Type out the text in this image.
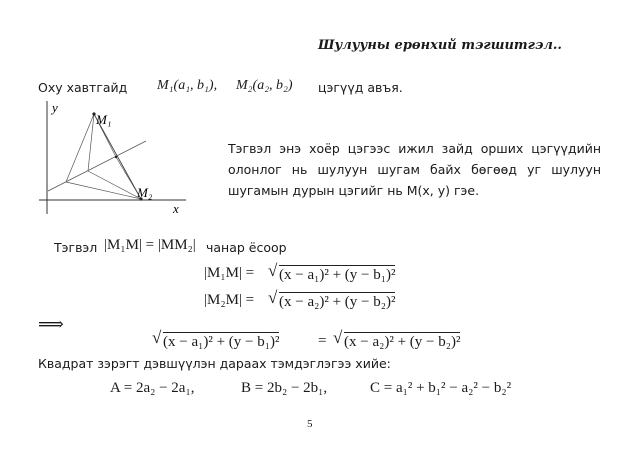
Шулууны ерөнхий тэгшитгэл..
Оху хавтгайд M₁(a₁, b₁), M₂(a₂, b₂) цэгүүд авъя.
y
x
M₁
M₂
Тэгвэл энэ хоёр цэгээс ижил зайд орших цэгүүдийн олонлог нь шулуун шугам байх бөгөөд уг шулуун шугамын дурын цэгийг нь M(x, y) гэе.
Тэгвэл |M₁M| = |MM₂| чанар ёсоор
|M₁M| = √ (x − a₁)² + (y − b₁)²
|M₂M| = √ (x − a₂)² + (y − b₂)²
⟹
√ (x − a₁)² + (y − b₁)²	= √ (x − a₂)² + (y − b₂)²
Квадрат зэрэгт дэвшүүлэн дараах тэмдэглэгээ хийе:
A = 2a₂ − 2a₁,	B = 2b₂ − 2b₁,	C = a₁² + b₁² − a₂² − b₂²
5
